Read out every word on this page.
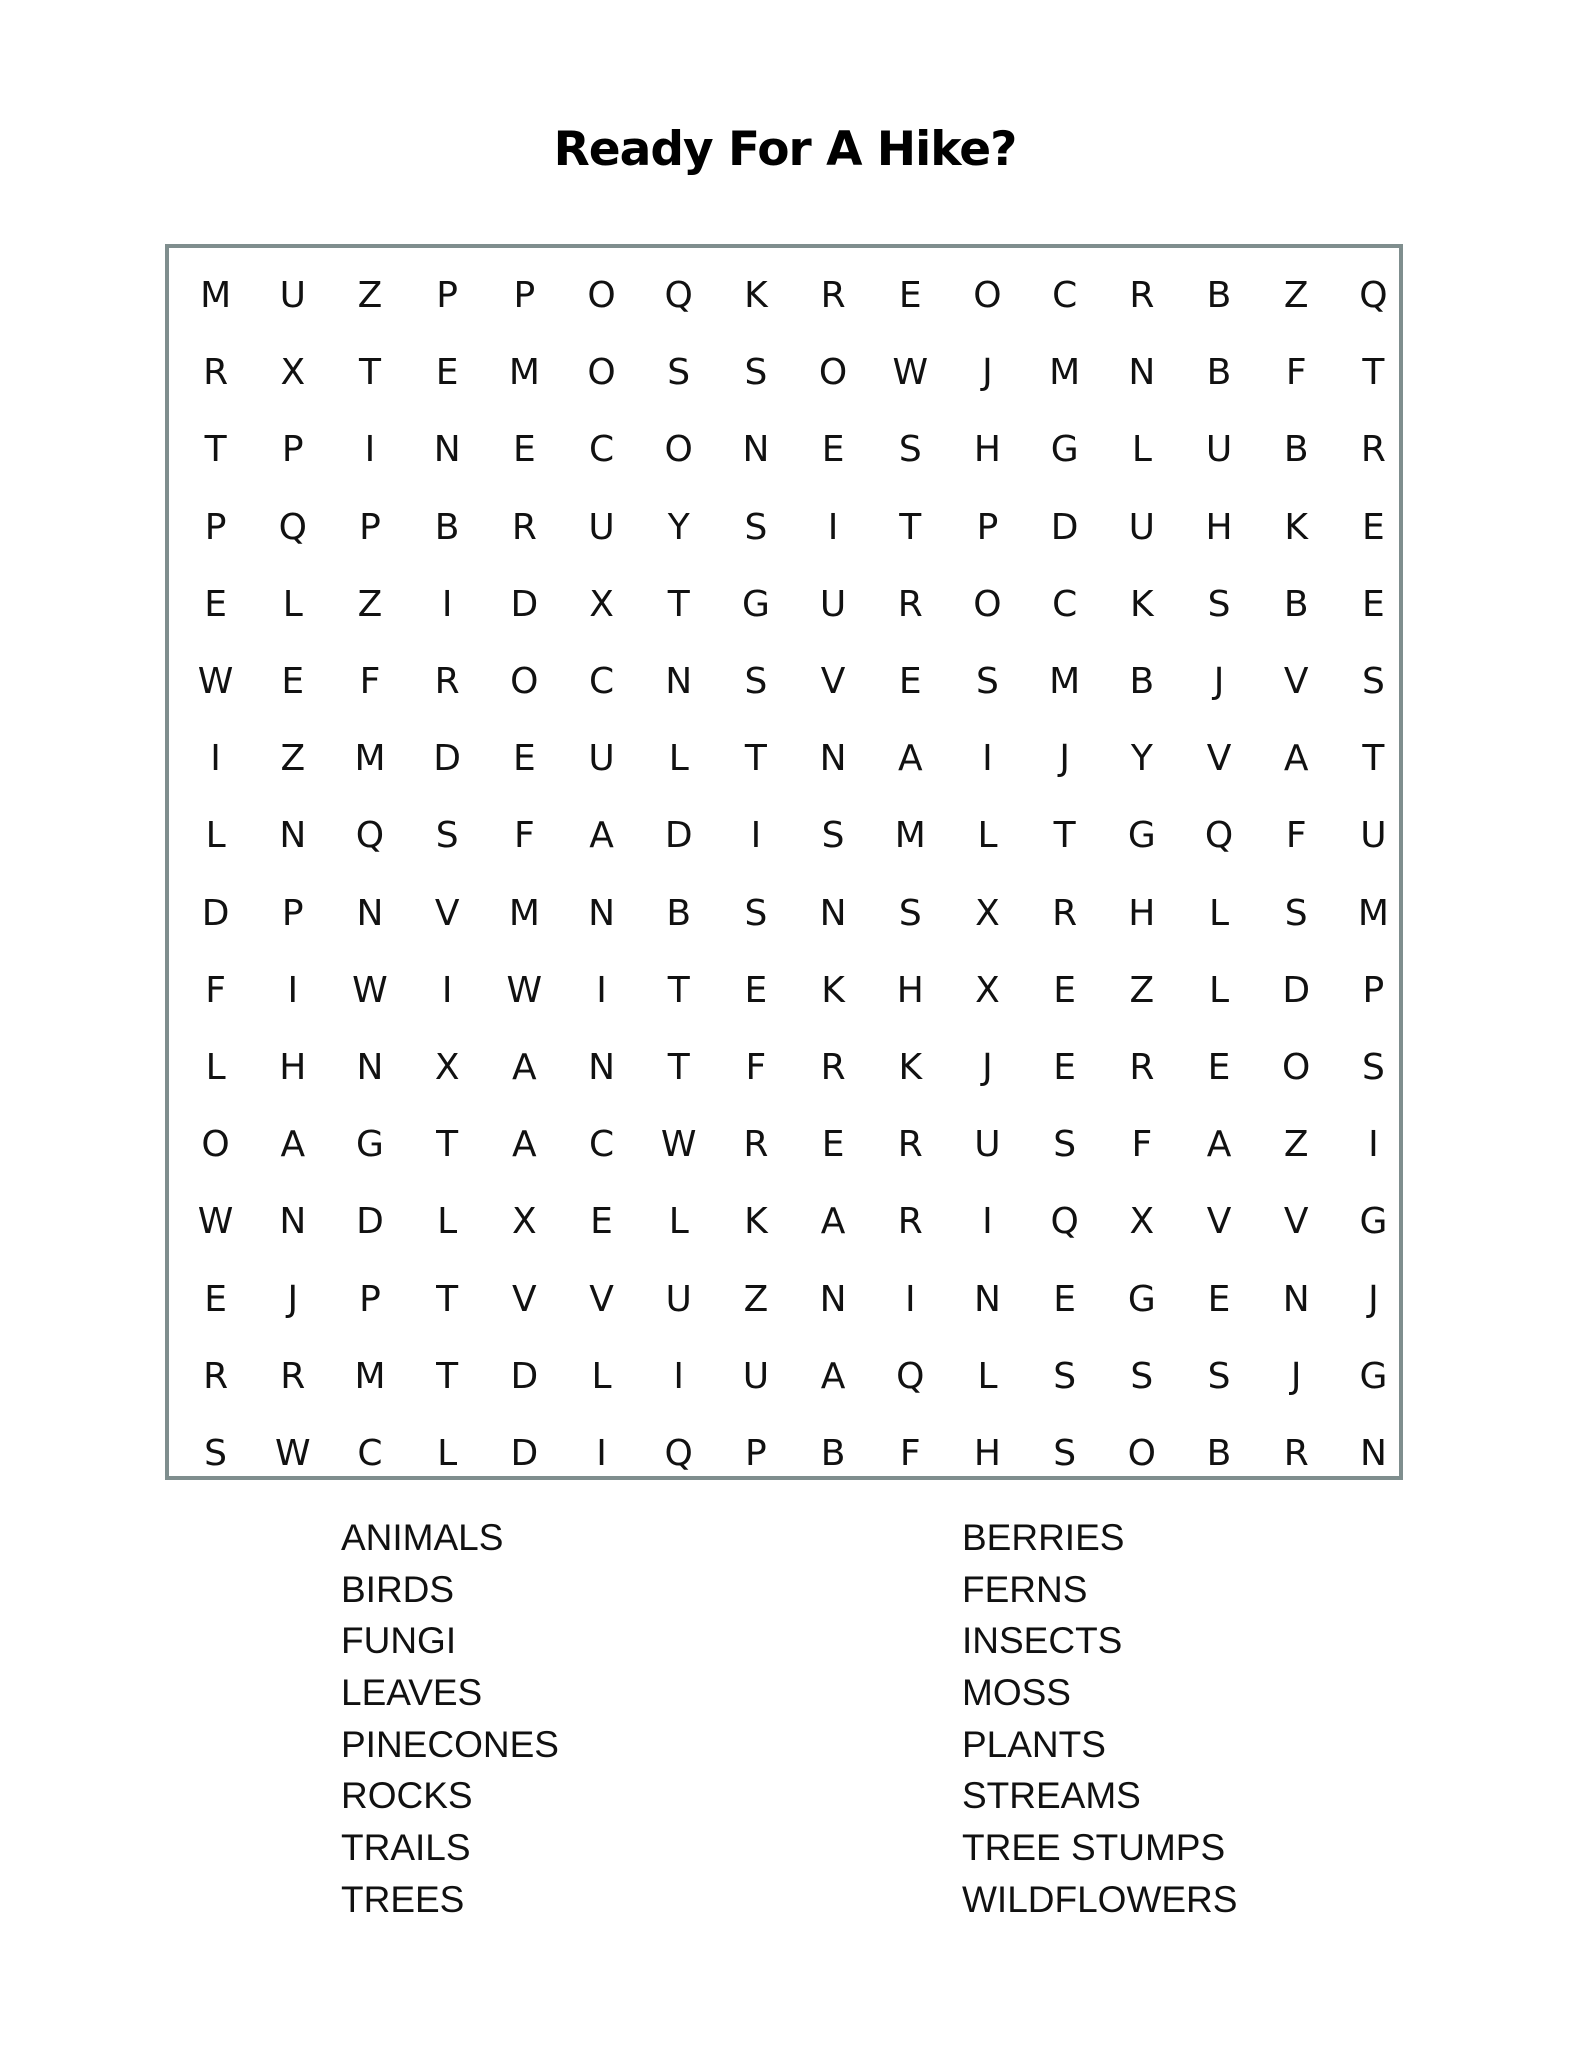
Ready For A Hike?
M	U	Z	P	P	O	Q	K	R	E	O	C	R	B	Z	Q
R	X	T	E	M	O	S	S	O	W	J	M	N	B	F	T
T	P	I	N	E	C	O	N	E	S	H	G	L	U	B	R
P	Q	P	B	R	U	Y	S	I	T	P	D	U	H	K	E
E	L	Z	I	D	X	T	G	U	R	O	C	K	S	B	E
W	E	F	R	O	C	N	S	V	E	S	M	B	J	V	S
I	Z	M	D	E	U	L	T	N	A	I	J	Y	V	A	T
L	N	Q	S	F	A	D	I	S	M	L	T	G	Q	F	U
D	P	N	V	M	N	B	S	N	S	X	R	H	L	S	M
F	I	W	I	W	I	T	E	K	H	X	E	Z	L	D	P
L	H	N	X	A	N	T	F	R	K	J	E	R	E	O	S
O	A	G	T	A	C	W	R	E	R	U	S	F	A	Z	I
W	N	D	L	X	E	L	K	A	R	I	Q	X	V	V	G
E	J	P	T	V	V	U	Z	N	I	N	E	G	E	N	J
R	R	M	T	D	L	I	U	A	Q	L	S	S	S	J	G
S	W	C	L	D	I	Q	P	B	F	H	S	O	B	R	N
ANIMALS
BIRDS
FUNGI
LEAVES
PINECONES
ROCKS
TRAILS
TREES
BERRIES
FERNS
INSECTS
MOSS
PLANTS
STREAMS
TREE STUMPS
WILDFLOWERS
